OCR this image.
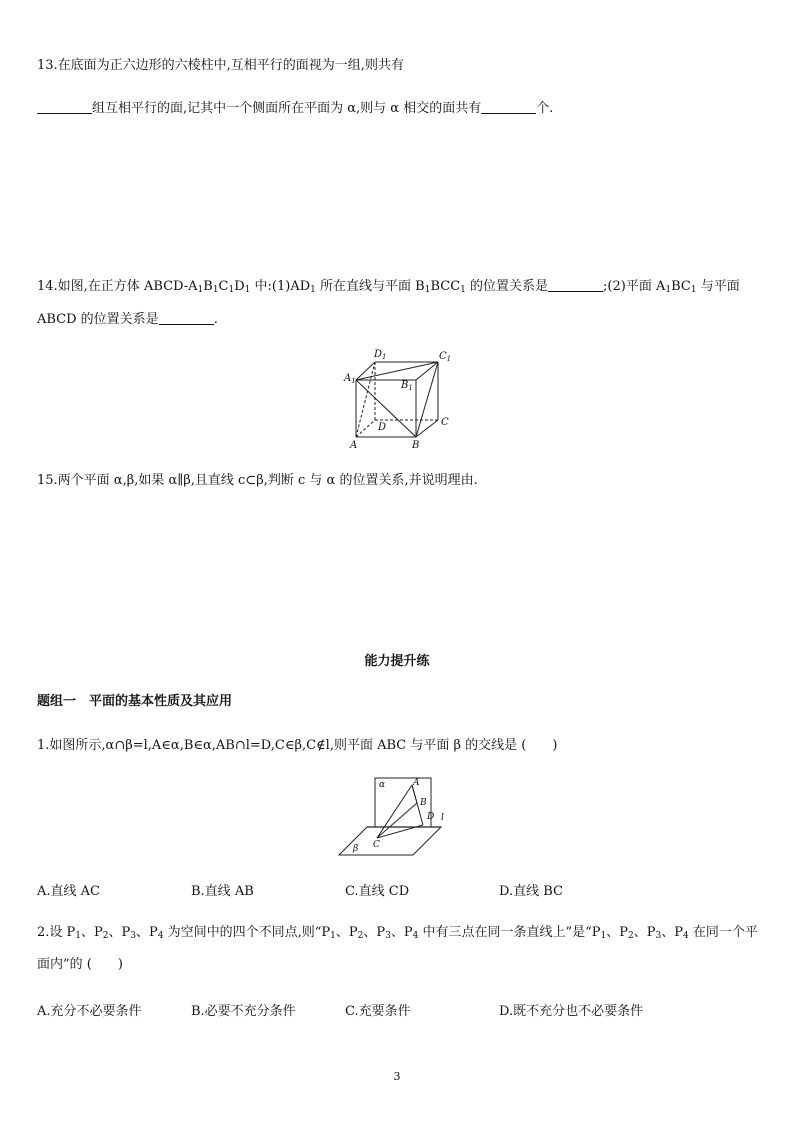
13.在底面为正六边形的六棱柱中,互相平行的面视为一组,则共有
组互相平行的面,记其中一个侧面所在平面为 α,则与 α 相交的面共有	个.
14.如图,在正方体 ABCD-$A_1B_1C_1D_1$ 中$:(1)AD_1$ 所在直线与平面 $B_1BCC_1$ 的位置关系是	;(2)平面 $A_1BC_1$ 与平面
ABCD 的位置关系是	.
$D_1$	$C_1$
$A_1$	$B_1$
A	B
C
D
15.两个平面 α,β,如果 α∥β,且直线 c⊂β,判断 c 与 α 的位置关系,并说明理由.
能力提升练
题组一　平面的基本性质及其应用
1.如图所示,α∩β=l,A∈α,B∈α,AB∩l=D,C∈β,C∉l,则平面 ABC 与平面 β 的交线是 (　　)
α	A
B
D l
C
β
A.直线 AC	B.直线 AB	C.直线 CD	D.直线 BC
2.设 $P_1$、$P_2$、$P_3$、$P_4$ 为空间中的四个不同点,则“$P_1$、$P_2$、$P_3$、$P_4$ 中有三点在同一条直线上”是“$P_1$、$P_2$、$P_3$、$P_4$ 在同一个平
面内”的 (　　)
A.充分不必要条件	B.必要不充分条件	C.充要条件	D.既不充分也不必要条件
3
